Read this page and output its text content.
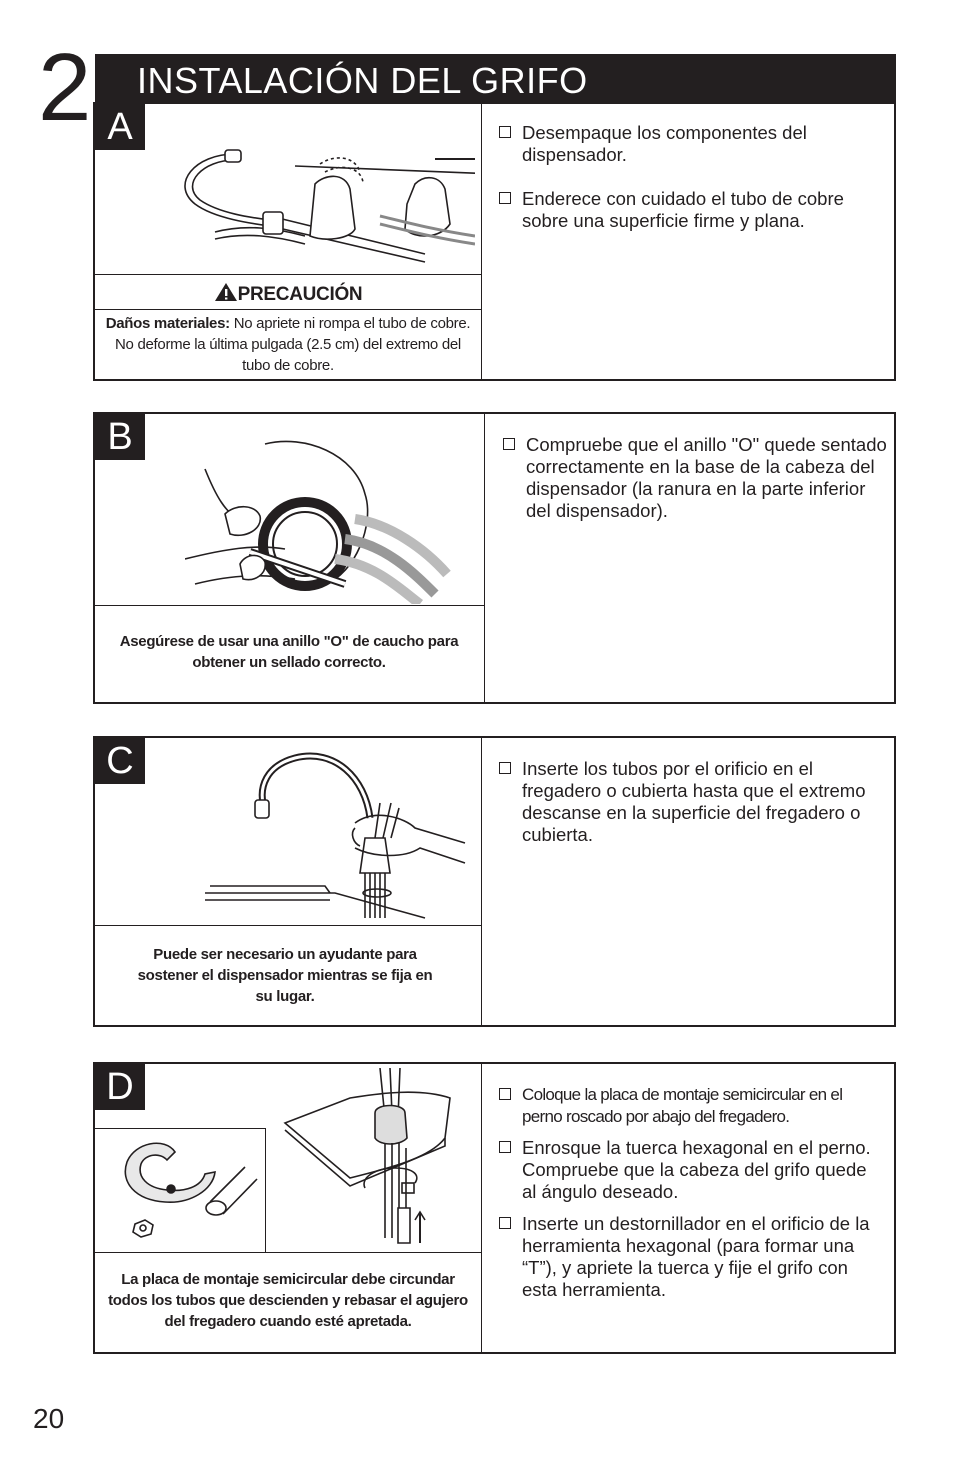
2 INSTALACIÓN DEL GRIFO
A
PRECAUCIÓN
Daños materiales: No apriete ni rompa el tubo de cobre. No deforme la última pulgada (2.5 cm) del extremo del tubo de cobre.
Desempaque los componentes del dispensador.
Enderece con cuidado el tubo de cobre sobre una superficie firme y plana.
B
Asegúrese de usar una anillo "O" de caucho para obtener un sellado correcto.
Compruebe que el anillo "O" quede sentado correctamente en la base de la cabeza del dispensador (la ranura en la parte inferior del dispensador).
C
Puede ser necesario un ayudante para sostener el dispensador mientras se fija en su lugar.
Inserte los tubos por el orificio en el fregadero o cubierta hasta que el extremo descanse en la superficie del fregadero o cubierta.
D
La placa de montaje semicircular debe circundar todos los tubos que descienden y rebasar el agujero del fregadero cuando esté apretada.
Coloque la placa de montaje semicircular en el perno roscado por abajo del fregadero.
Enrosque la tuerca hexagonal en el perno. Compruebe que la cabeza del grifo quede al ángulo deseado.
Inserte un destornillador en el orificio de la herramienta hexagonal (para formar una “T”), y apriete la tuerca y fije el grifo con esta herramienta.
20
